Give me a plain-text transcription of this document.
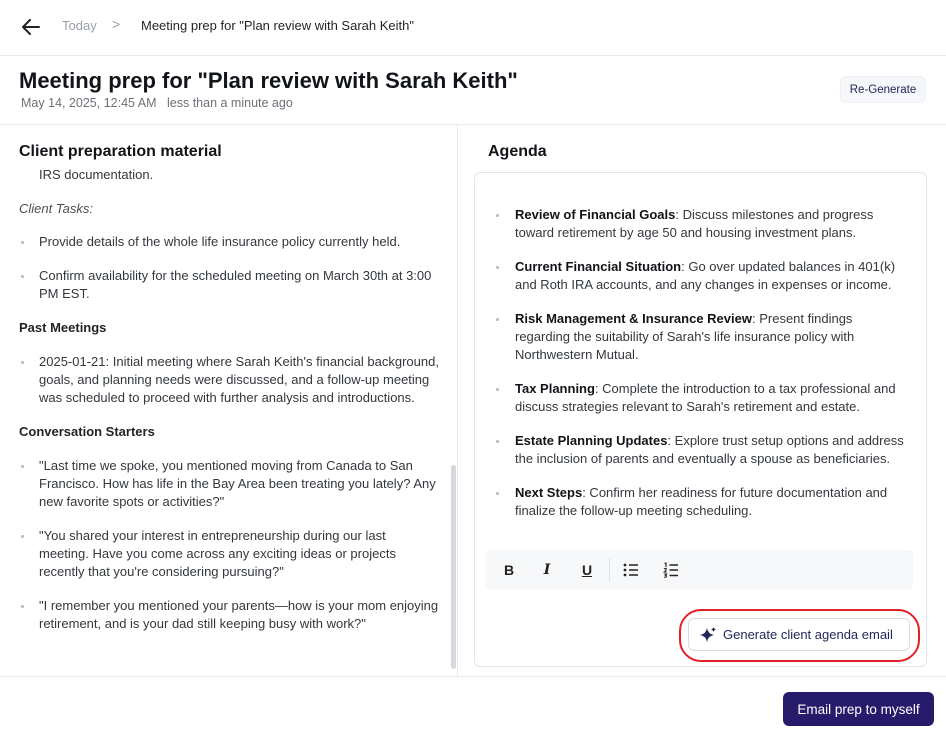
Today > Meeting prep for "Plan review with Sarah Keith"
Meeting prep for "Plan review with Sarah Keith"
May 14, 2025, 12:45 AM less than a minute ago
Re-Generate
Client preparation material
IRS documentation.
Client Tasks:
Provide details of the whole life insurance policy currently held.
Confirm availability for the scheduled meeting on March 30th at 3:00 PM EST.
Past Meetings
2025-01-21: Initial meeting where Sarah Keith's financial background, goals, and planning needs were discussed, and a follow-up meeting was scheduled to proceed with further analysis and introductions.
Conversation Starters
"Last time we spoke, you mentioned moving from Canada to San Francisco. How has life in the Bay Area been treating you lately? Any new favorite spots or activities?"
"You shared your interest in entrepreneurship during our last meeting. Have you come across any exciting ideas or projects recently that you're considering pursuing?"
"I remember you mentioned your parents—how is your mom enjoying retirement, and is your dad still keeping busy with work?"
Agenda
Review of Financial Goals: Discuss milestones and progress toward retirement by age 50 and housing investment plans.
Current Financial Situation: Go over updated balances in 401(k) and Roth IRA accounts, and any changes in expenses or income.
Risk Management & Insurance Review: Present findings regarding the suitability of Sarah's life insurance policy with Northwestern Mutual.
Tax Planning: Complete the introduction to a tax professional and discuss strategies relevant to Sarah's retirement and estate.
Estate Planning Updates: Explore trust setup options and address the inclusion of parents and eventually a spouse as beneficiaries.
Next Steps: Confirm her readiness for future documentation and finalize the follow-up meeting scheduling.
B	I	U
Generate client agenda email
Email prep to myself
